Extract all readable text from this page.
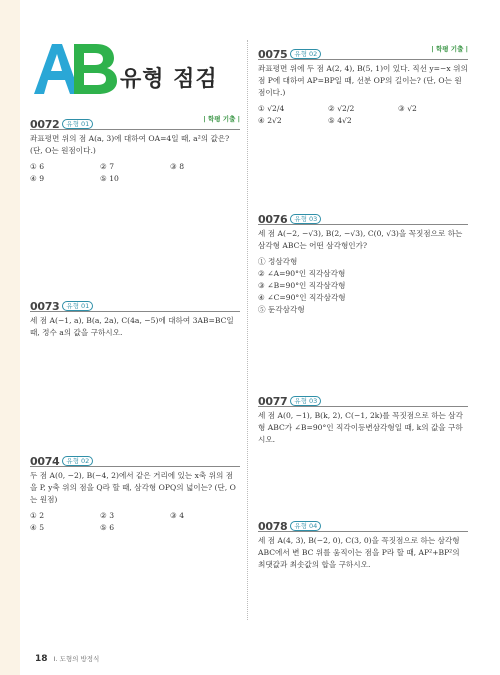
유형 점검
0072 유형 01
| 학평 기출 |
좌표평면 위의 점 A(a, 3)에 대하여 OA=4일 때, a²의 값은? (단, O는 원점이다.)
① 6	② 7	③ 8
④ 9	⑤ 10
0073 유형 01
세 점 A(−1, a), B(a, 2a), C(4a, −5)에 대하여 3AB=BC일 때, 정수 a의 값을 구하시오.
0074 유형 02
두 점 A(0, −2), B(−4, 2)에서 같은 거리에 있는 x축 위의 점을 P, y축 위의 점을 Q라 할 때, 삼각형 OPQ의 넓이는? (단, O는 원점)
① 2	② 3	③ 4
④ 5	⑤ 6
0075 유형 02
| 학평 기출 |
좌표평면 위에 두 점 A(2, 4), B(5, 1)이 있다. 직선 y=−x 위의 점 P에 대하여 AP=BP일 때, 선분 OP의 길이는? (단, O는 원점이다.)
① √2/4	② √2/2	③ √2
④ 2√2	⑤ 4√2
0076 유형 03
세 점 A(−2, −√3), B(2, −√3), C(0, √3)을 꼭짓점으로 하는 삼각형 ABC는 어떤 삼각형인가?
① 정삼각형
② ∠A=90°인 직각삼각형
③ ∠B=90°인 직각삼각형
④ ∠C=90°인 직각삼각형
⑤ 둔각삼각형
0077 유형 03
세 점 A(0, −1), B(k, 2), C(−1, 2k)를 꼭짓점으로 하는 삼각형 ABC가 ∠B=90°인 직각이등변삼각형일 때, k의 값을 구하시오.
0078 유형 04
세 점 A(4, 3), B(−2, 0), C(3, 0)을 꼭짓점으로 하는 삼각형 ABC에서 변 BC 위를 움직이는 점을 P라 할 때, AP²+BP²의 최댓값과 최솟값의 합을 구하시오.
18 I. 도형의 방정식
